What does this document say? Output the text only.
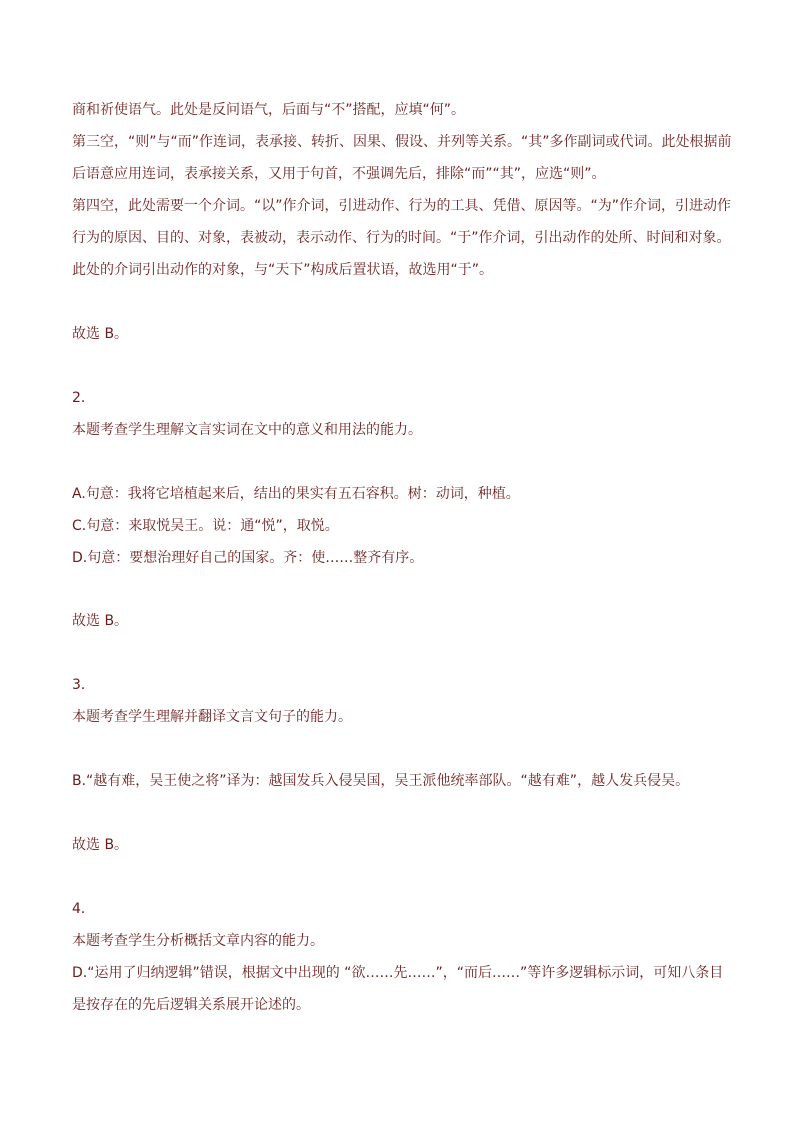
商和祈使语气。此处是反问语气，后面与“不”搭配，应填“何”。
第三空，“则”与“而”作连词，表承接、转折、因果、假设、并列等关系。“其”多作副词或代词。此处根据前
后语意应用连词，表承接关系，又用于句首，不强调先后，排除“而”“其”，应选“则”。
第四空，此处需要一个介词。“以”作介词，引进动作、行为的工具、凭借、原因等。“为”作介词，引进动作
行为的原因、目的、对象，表被动，表示动作、行为的时间。“于”作介词，引出动作的处所、时间和对象。
此处的介词引出动作的对象，与“天下”构成后置状语，故选用“于”。
故选 B。
2．
本题考查学生理解文言实词在文中的意义和用法的能力。
A.句意：我将它培植起来后，结出的果实有五石容积。树：动词，种植。
C.句意：来取悦吴王。说：通“悦”，取悦。
D.句意：要想治理好自己的国家。齐：使……整齐有序。
故选 B。
3．
本题考查学生理解并翻译文言文句子的能力。
B.“越有难，吴王使之将”译为：越国发兵入侵吴国，吴王派他统率部队。“越有难”，越人发兵侵吴。
故选 B。
4．
本题考查学生分析概括文章内容的能力。
D.“运用了归纳逻辑”错误，根据文中出现的 “欲……先……”，“而后……”等许多逻辑标示词，可知八条目
是按存在的先后逻辑关系展开论述的。
